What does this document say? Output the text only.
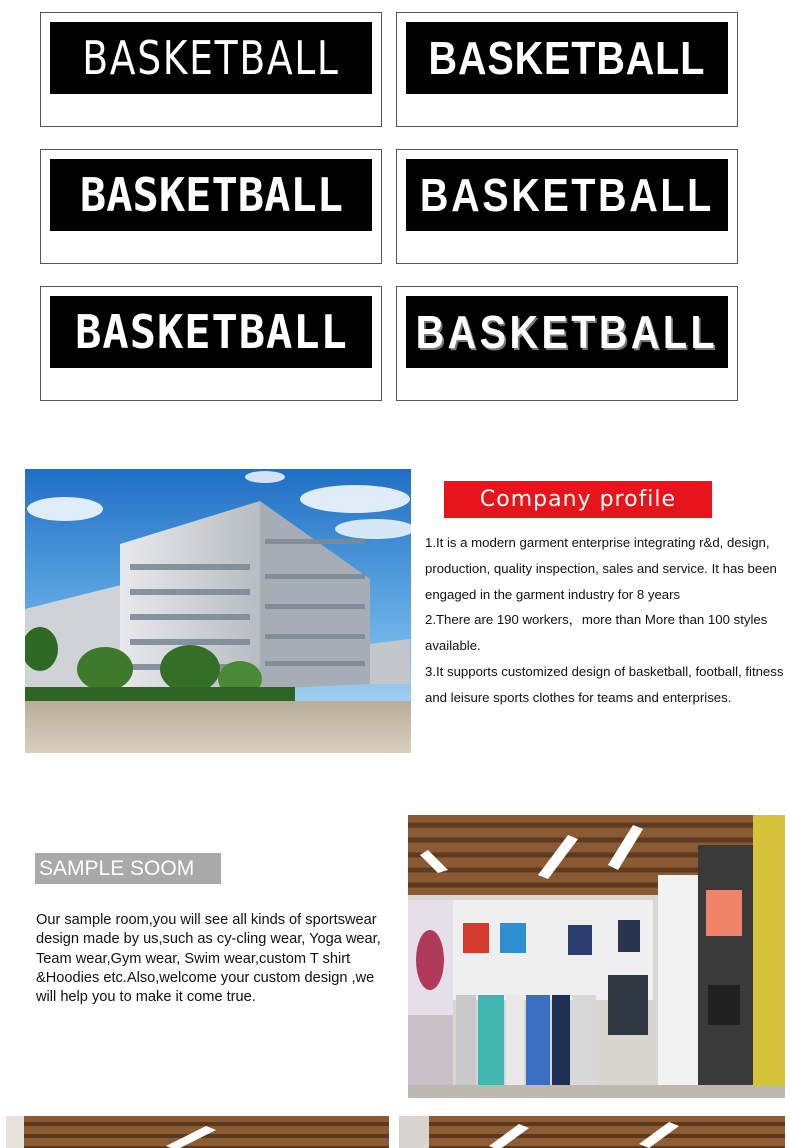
BASKETBALL BASKETBALL
BASKETBALL BASKETBALL
BASKETBALL BASKETBALL
Company profile

1.It is a modern garment enterprise integrating r&d, design, production, quality inspection, sales and service. It has been engaged in the garment industry for 8 years

2.There are 190 workers，more than More than 100 styles available.

3.It supports customized design of basketball, football, fitness and leisure sports clothes for teams and enterprises.

SAMPLE SOOM
Our sample room,you will see all kinds of sportswear design made by us,such as cy-cling wear, Yoga wear, Team wear,Gym wear, Swim wear,custom T shirt &Hoodies etc.Also,welcome your custom design ,we will help you to make it come true.
